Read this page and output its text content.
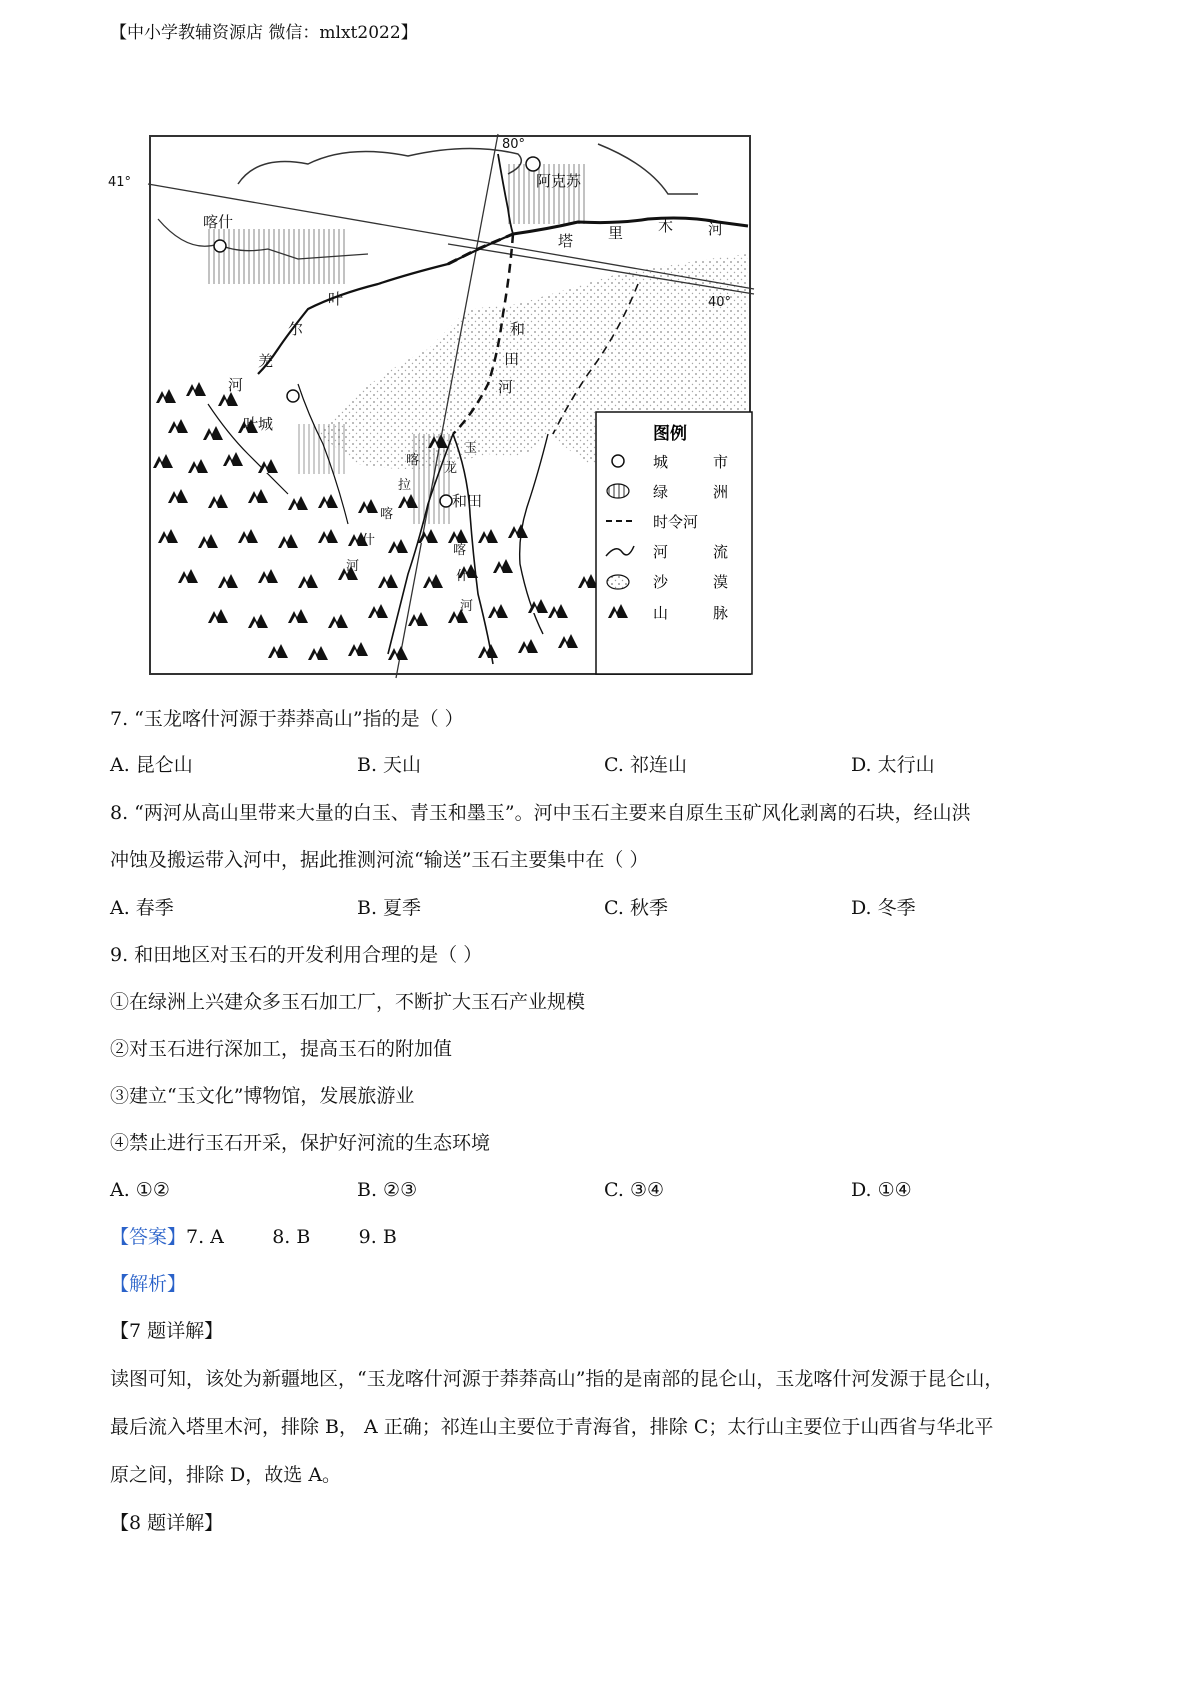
【中小学教辅资源店 微信：mlxt2022】
80°
41°
40°
喀什
阿克苏
塔 里 木 河
叶
尔
羌
河
叶城
和
田
河
和田
喀
拉
喀
什
河
玉
龙
喀
什
河
图例
城	市
绿	洲
时令河
河	流
沙	漠
山	脉
7. “玉龙喀什河源于莽莽高山”指的是（ ）
A. 昆仑山	B. 天山	C. 祁连山	D. 太行山
8. “两河从高山里带来大量的白玉、青玉和墨玉”。河中玉石主要来自原生玉矿风化剥离的石块，经山洪
冲蚀及搬运带入河中，据此推测河流“输送”玉石主要集中在（ ）
A. 春季	B. 夏季	C. 秋季	D. 冬季
9. 和田地区对玉石的开发利用合理的是（ ）
①在绿洲上兴建众多玉石加工厂，不断扩大玉石产业规模
②对玉石进行深加工，提高玉石的附加值
③建立“玉文化”博物馆，发展旅游业
④禁止进行玉石开采，保护好河流的生态环境
A. ①②	B. ②③	C. ③④	D. ①④
【答案】7. A        8. B        9. B
【解析】
【7 题详解】
读图可知，该处为新疆地区，“玉龙喀什河源于莽莽高山”指的是南部的昆仑山，玉龙喀什河发源于昆仑山，
最后流入塔里木河，排除 B， A 正确；祁连山主要位于青海省，排除 C；太行山主要位于山西省与华北平
原之间，排除 D，故选 A。
【8 题详解】
